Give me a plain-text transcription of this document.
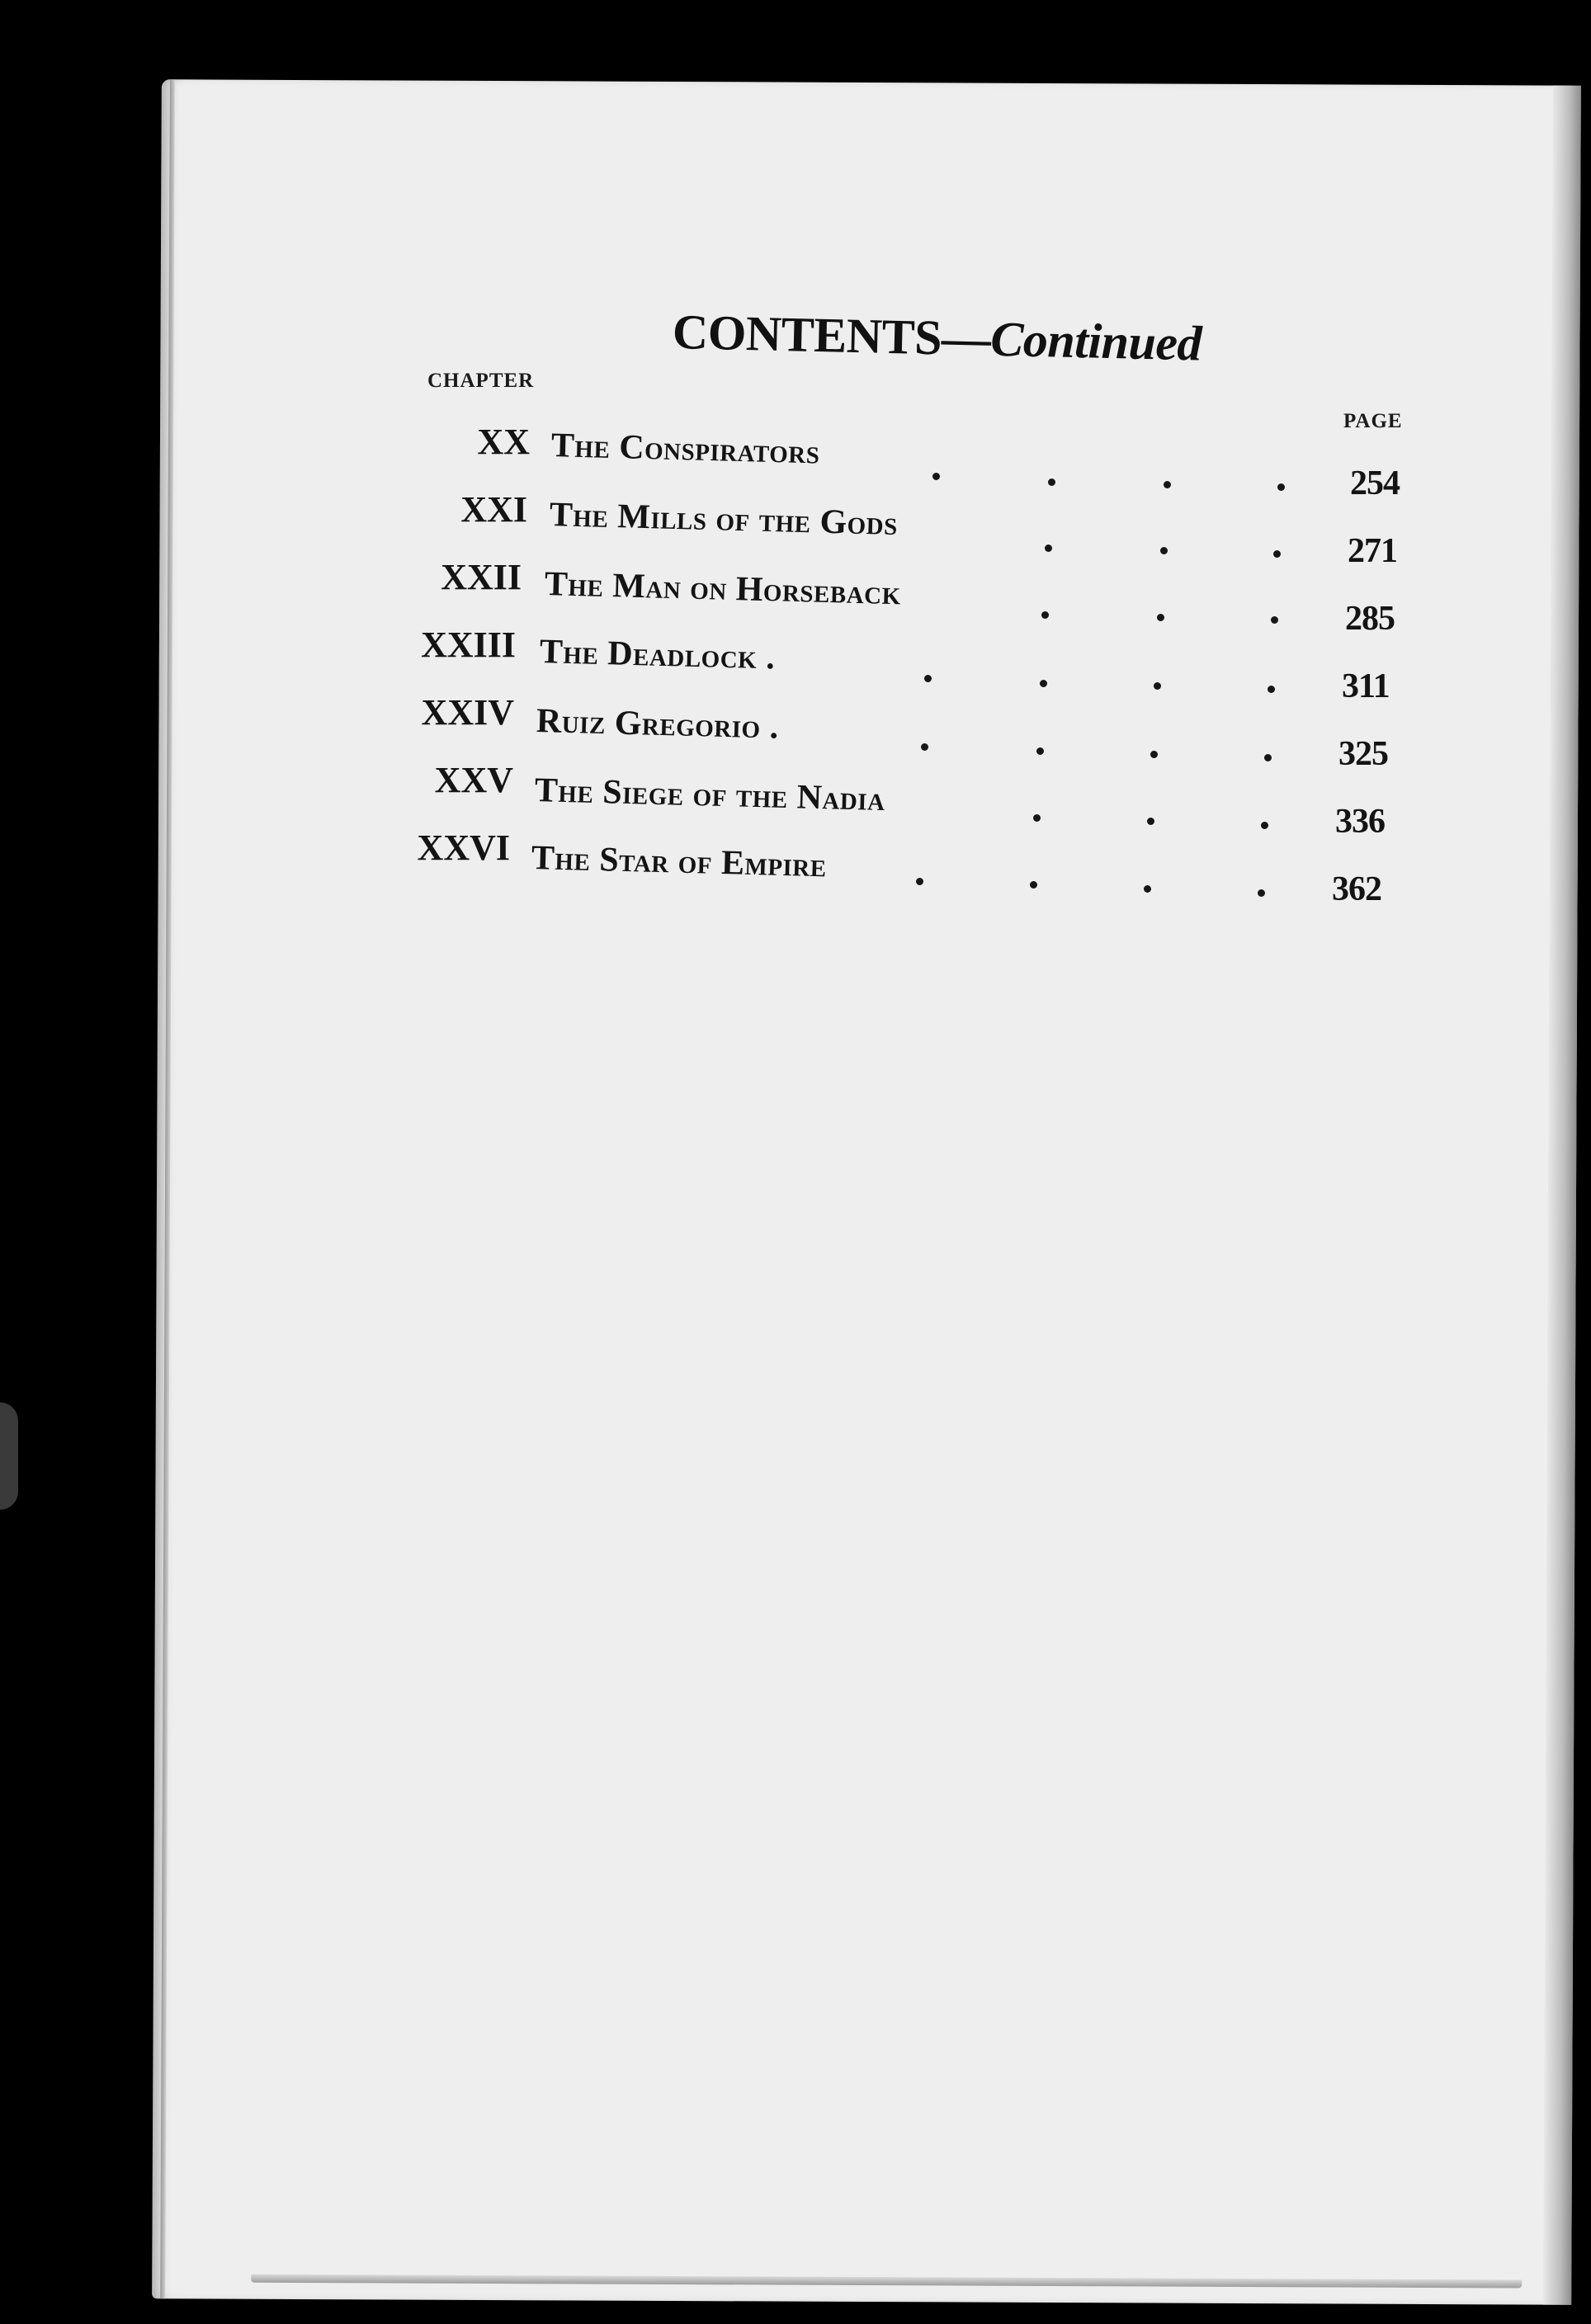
CONTENTS—Continued
CHAPTER
PAGE
XX The Conspirators
254
XXI The Mills of the Gods
271
XXII The Man on Horseback
285
XXIII The Deadlock .
311
XXIV Ruiz Gregorio .
325
XXV The Siege of the Nadia
336
XXVI The Star of Empire
362
